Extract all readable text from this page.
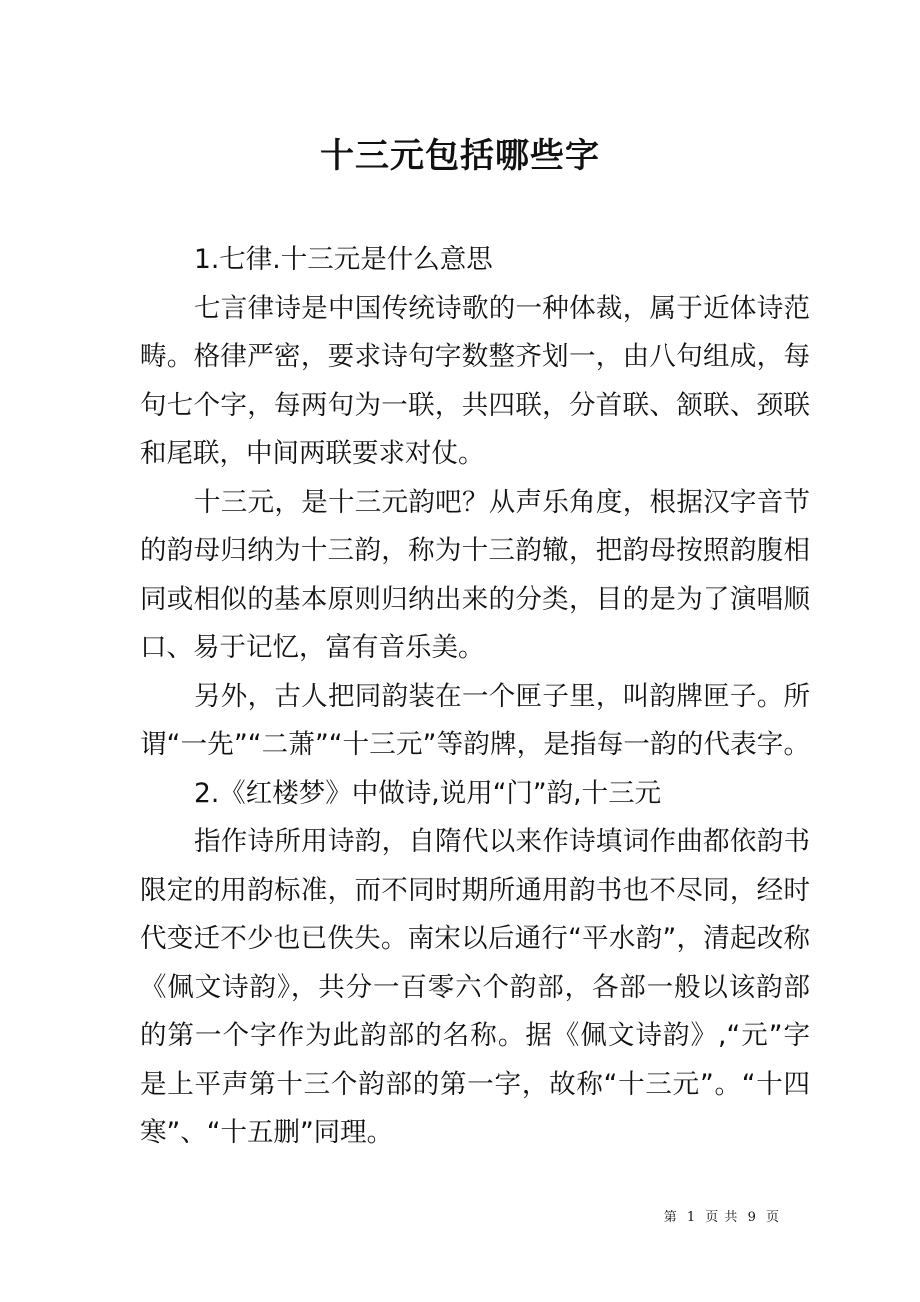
十三元包括哪些字

1.七律.十三元是什么意思

七言律诗是中国传统诗歌的一种体裁，属于近体诗范畴。格律严密，要求诗句字数整齐划一，由八句组成，每句七个字，每两句为一联，共四联，分首联、颔联、颈联和尾联，中间两联要求对仗。

十三元，是十三元韵吧？从声乐角度，根据汉字音节的韵母归纳为十三韵，称为十三韵辙，把韵母按照韵腹相同或相似的基本原则归纳出来的分类，目的是为了演唱顺口、易于记忆，富有音乐美。

另外，古人把同韵装在一个匣子里，叫韵牌匣子。所谓“一先”“二萧”“十三元”等韵牌，是指每一韵的代表字。2.《红楼梦》中做诗,说用“门”韵,十三元

指作诗所用诗韵，自隋代以来作诗填词作曲都依韵书限定的用韵标准，而不同时期所通用韵书也不尽同，经时代变迁不少也已佚失。南宋以后通行“平水韵”，清起改称《佩文诗韵》，共分一百零六个韵部，各部一般以该韵部的第一个字作为此韵部的名称。据《佩文诗韵》,“元”字是上平声第十三个韵部的第一字，故称“十三元”。“十四寒”、“十五删”同理。

第 1 页 共 9 页
